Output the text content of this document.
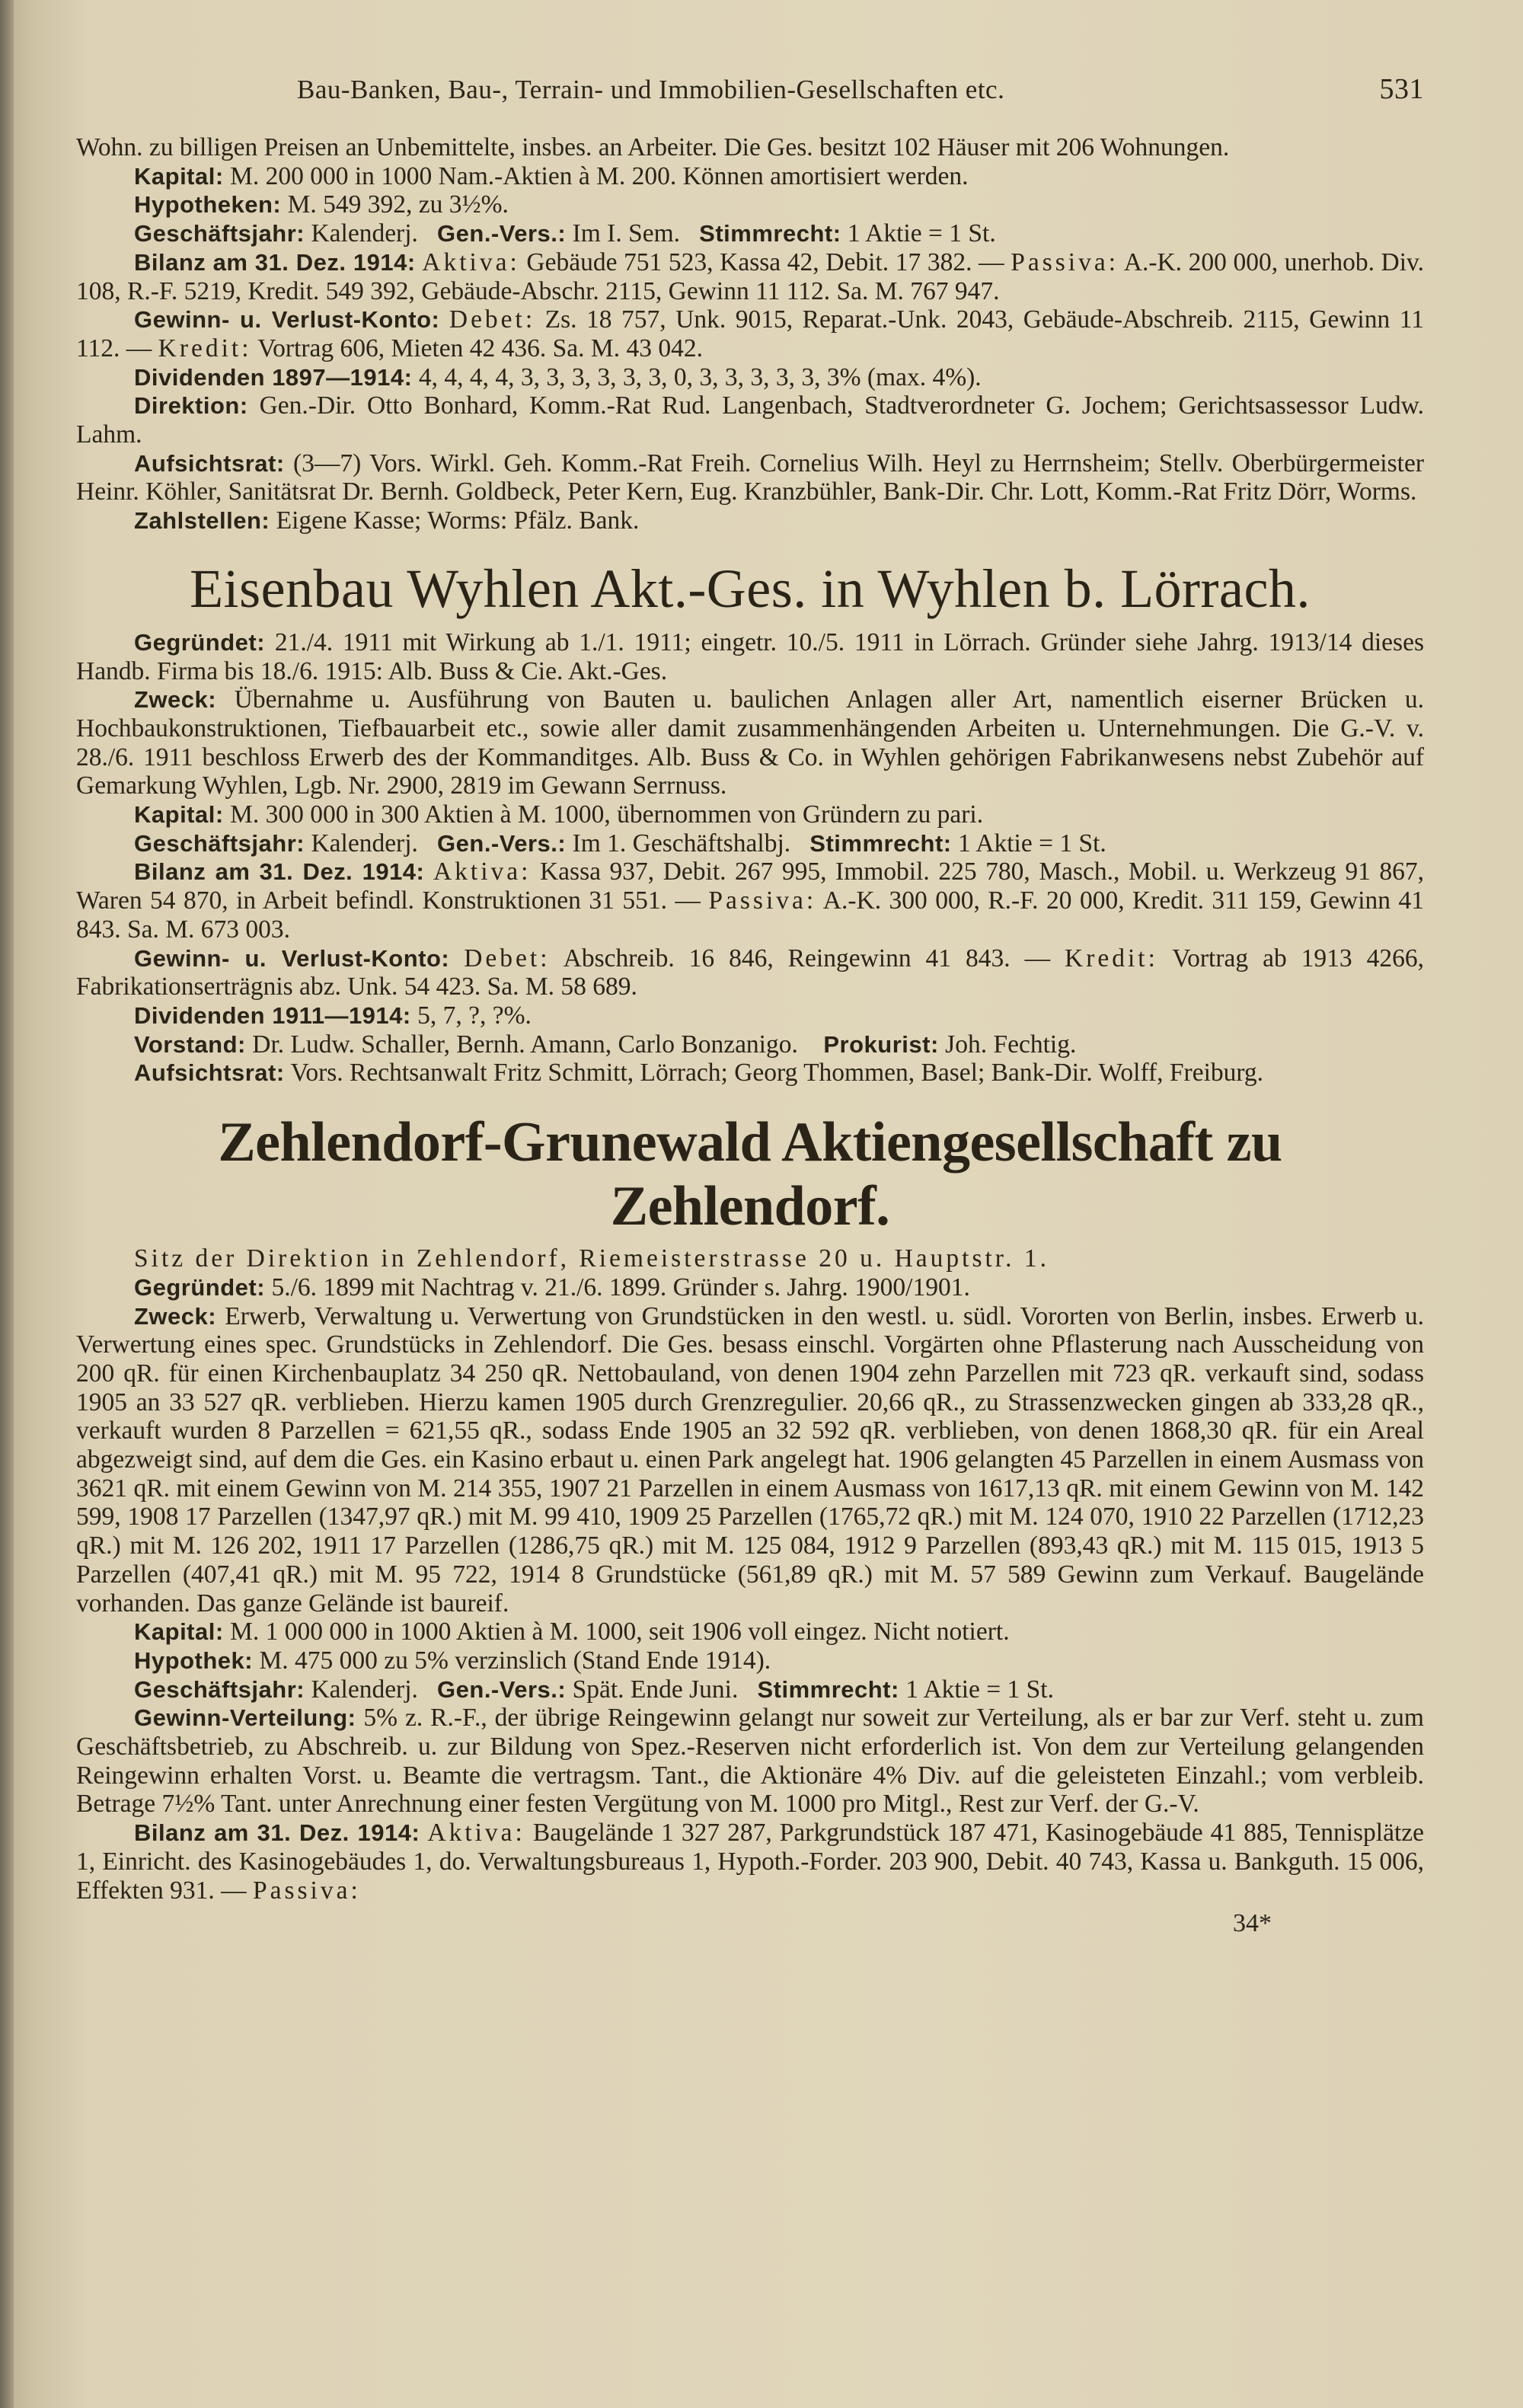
Bau-Banken, Bau-, Terrain- und Immobilien-Gesellschaften etc.	531

Wohn. zu billigen Preisen an Unbemittelte, insbes. an Arbeiter. Die Ges. besitzt 102 Häuser mit 206 Wohnungen.

Kapital: M. 200 000 in 1000 Nam.-Aktien à M. 200. Können amortisiert werden.

Hypotheken: M. 549 392, zu 3½%.

Geschäftsjahr: Kalenderj. Gen.-Vers.: Im I. Sem. Stimmrecht: 1 Aktie = 1 St.

Bilanz am 31. Dez. 1914: Aktiva: Gebäude 751 523, Kassa 42, Debit. 17 382. — Passiva: A.-K. 200 000, unerhob. Div. 108, R.-F. 5219, Kredit. 549 392, Gebäude-Abschr. 2115, Gewinn 11 112. Sa. M. 767 947.

Gewinn- u. Verlust-Konto: Debet: Zs. 18 757, Unk. 9015, Reparat.-Unk. 2043, Gebäude-Abschreib. 2115, Gewinn 11 112. — Kredit: Vortrag 606, Mieten 42 436. Sa. M. 43 042.

Dividenden 1897—1914: 4, 4, 4, 4, 3, 3, 3, 3, 3, 3, 0, 3, 3, 3, 3, 3, 3% (max. 4%).

Direktion: Gen.-Dir. Otto Bonhard, Komm.-Rat Rud. Langenbach, Stadtverordneter G. Jochem; Gerichtsassessor Ludw. Lahm.

Aufsichtsrat: (3—7) Vors. Wirkl. Geh. Komm.-Rat Freih. Cornelius Wilh. Heyl zu Herrnsheim; Stellv. Oberbürgermeister Heinr. Köhler, Sanitätsrat Dr. Bernh. Goldbeck, Peter Kern, Eug. Kranzbühler, Bank-Dir. Chr. Lott, Komm.-Rat Fritz Dörr, Worms.

Zahlstellen: Eigene Kasse; Worms: Pfälz. Bank.

Eisenbau Wyhlen Akt.-Ges. in Wyhlen b. Lörrach.

Gegründet: 21./4. 1911 mit Wirkung ab 1./1. 1911; eingetr. 10./5. 1911 in Lörrach. Gründer siehe Jahrg. 1913/14 dieses Handb. Firma bis 18./6. 1915: Alb. Buss & Cie. Akt.-Ges.

Zweck: Übernahme u. Ausführung von Bauten u. baulichen Anlagen aller Art, namentlich eiserner Brücken u. Hochbaukonstruktionen, Tiefbauarbeit etc., sowie aller damit zusammenhängenden Arbeiten u. Unternehmungen. Die G.-V. v. 28./6. 1911 beschloss Erwerb des der Kommanditges. Alb. Buss & Co. in Wyhlen gehörigen Fabrikanwesens nebst Zubehör auf Gemarkung Wyhlen, Lgb. Nr. 2900, 2819 im Gewann Serrnuss.

Kapital: M. 300 000 in 300 Aktien à M. 1000, übernommen von Gründern zu pari.

Geschäftsjahr: Kalenderj. Gen.-Vers.: Im 1. Geschäftshalbj. Stimmrecht: 1 Aktie = 1 St.

Bilanz am 31. Dez. 1914: Aktiva: Kassa 937, Debit. 267 995, Immobil. 225 780, Masch., Mobil. u. Werkzeug 91 867, Waren 54 870, in Arbeit befindl. Konstruktionen 31 551. — Passiva: A.-K. 300 000, R.-F. 20 000, Kredit. 311 159, Gewinn 41 843. Sa. M. 673 003.

Gewinn- u. Verlust-Konto: Debet: Abschreib. 16 846, Reingewinn 41 843. — Kredit: Vortrag ab 1913 4266, Fabrikationserträgnis abz. Unk. 54 423. Sa. M. 58 689.

Dividenden 1911—1914: 5, 7, ?, ?%.

Vorstand: Dr. Ludw. Schaller, Bernh. Amann, Carlo Bonzanigo. Prokurist: Joh. Fechtig.

Aufsichtsrat: Vors. Rechtsanwalt Fritz Schmitt, Lörrach; Georg Thommen, Basel; Bank-Dir. Wolff, Freiburg.

Zehlendorf-Grunewald Aktiengesellschaft zu Zehlendorf.

Sitz der Direktion in Zehlendorf, Riemeisterstrasse 20 u. Hauptstr. 1.

Gegründet: 5./6. 1899 mit Nachtrag v. 21./6. 1899. Gründer s. Jahrg. 1900/1901.

Zweck: Erwerb, Verwaltung u. Verwertung von Grundstücken in den westl. u. südl. Vororten von Berlin, insbes. Erwerb u. Verwertung eines spec. Grundstücks in Zehlendorf. Die Ges. besass einschl. Vorgärten ohne Pflasterung nach Ausscheidung von 200 qR. für einen Kirchenbauplatz 34 250 qR. Nettobauland, von denen 1904 zehn Parzellen mit 723 qR. verkauft sind, sodass 1905 an 33 527 qR. verblieben. Hierzu kamen 1905 durch Grenzregulier. 20,66 qR., zu Strassenzwecken gingen ab 333,28 qR., verkauft wurden 8 Parzellen = 621,55 qR., sodass Ende 1905 an 32 592 qR. verblieben, von denen 1868,30 qR. für ein Areal abgezweigt sind, auf dem die Ges. ein Kasino erbaut u. einen Park angelegt hat. 1906 gelangten 45 Parzellen in einem Ausmass von 3621 qR. mit einem Gewinn von M. 214 355, 1907 21 Parzellen in einem Ausmass von 1617,13 qR. mit einem Gewinn von M. 142 599, 1908 17 Parzellen (1347,97 qR.) mit M. 99 410, 1909 25 Parzellen (1765,72 qR.) mit M. 124 070, 1910 22 Parzellen (1712,23 qR.) mit M. 126 202, 1911 17 Parzellen (1286,75 qR.) mit M. 125 084, 1912 9 Parzellen (893,43 qR.) mit M. 115 015, 1913 5 Parzellen (407,41 qR.) mit M. 95 722, 1914 8 Grundstücke (561,89 qR.) mit M. 57 589 Gewinn zum Verkauf. Baugelände vorhanden. Das ganze Gelände ist baureif.

Kapital: M. 1 000 000 in 1000 Aktien à M. 1000, seit 1906 voll eingez. Nicht notiert.

Hypothek: M. 475 000 zu 5% verzinslich (Stand Ende 1914).

Geschäftsjahr: Kalenderj. Gen.-Vers.: Spät. Ende Juni. Stimmrecht: 1 Aktie = 1 St.

Gewinn-Verteilung: 5% z. R.-F., der übrige Reingewinn gelangt nur soweit zur Verteilung, als er bar zur Verf. steht u. zum Geschäftsbetrieb, zu Abschreib. u. zur Bildung von Spez.-Reserven nicht erforderlich ist. Von dem zur Verteilung gelangenden Reingewinn erhalten Vorst. u. Beamte die vertragsm. Tant., die Aktionäre 4% Div. auf die geleisteten Einzahl.; vom verbleib. Betrage 7½% Tant. unter Anrechnung einer festen Vergütung von M. 1000 pro Mitgl., Rest zur Verf. der G.-V.

Bilanz am 31. Dez. 1914: Aktiva: Baugelände 1 327 287, Parkgrundstück 187 471, Kasinogebäude 41 885, Tennisplätze 1, Einricht. des Kasinogebäudes 1, do. Verwaltungsbureaus 1, Hypoth.-Forder. 203 900, Debit. 40 743, Kassa u. Bankguth. 15 006, Effekten 931. — Passiva:

34*
